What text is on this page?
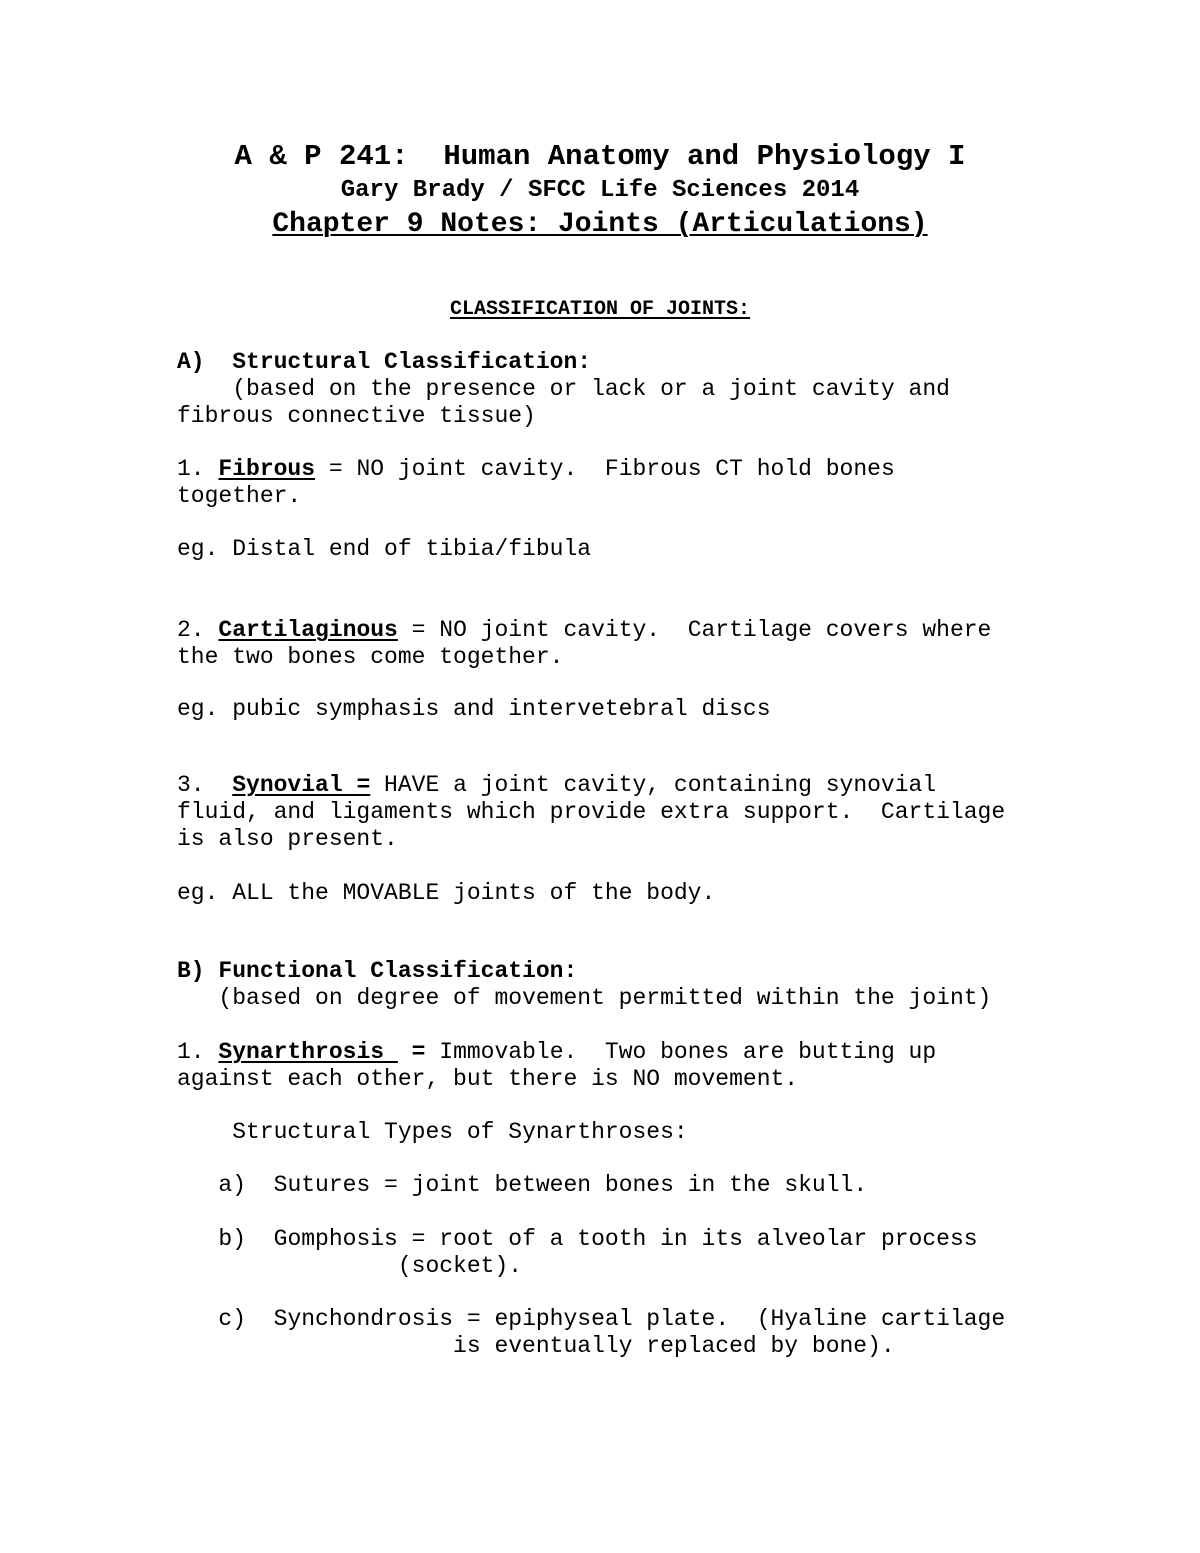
A & P 241:  Human Anatomy and Physiology I
Gary Brady / SFCC Life Sciences 2014
Chapter 9 Notes: Joints (Articulations)
CLASSIFICATION OF JOINTS:
A) Structural Classification:
(based on the presence or lack or a joint cavity and
fibrous connective tissue)
1. Fibrous = NO joint cavity.  Fibrous CT hold bones
together.
eg. Distal end of tibia/fibula
2. Cartilaginous = NO joint cavity.  Cartilage covers where
the two bones come together.
eg. pubic symphasis and intervetebral discs
3. Synovial = HAVE a joint cavity, containing synovial
fluid, and ligaments which provide extra support.  Cartilage
is also present.
eg. ALL the MOVABLE joints of the body.
B) Functional Classification:
(based on degree of movement permitted within the joint)
1. Synarthrosis  = Immovable.  Two bones are butting up
against each other, but there is NO movement.
Structural Types of Synarthroses:
a) Sutures = joint between bones in the skull.
b) Gomphosis = root of a tooth in its alveolar process
(socket).
c) Synchondrosis = epiphyseal plate.  (Hyaline cartilage
is eventually replaced by bone).
